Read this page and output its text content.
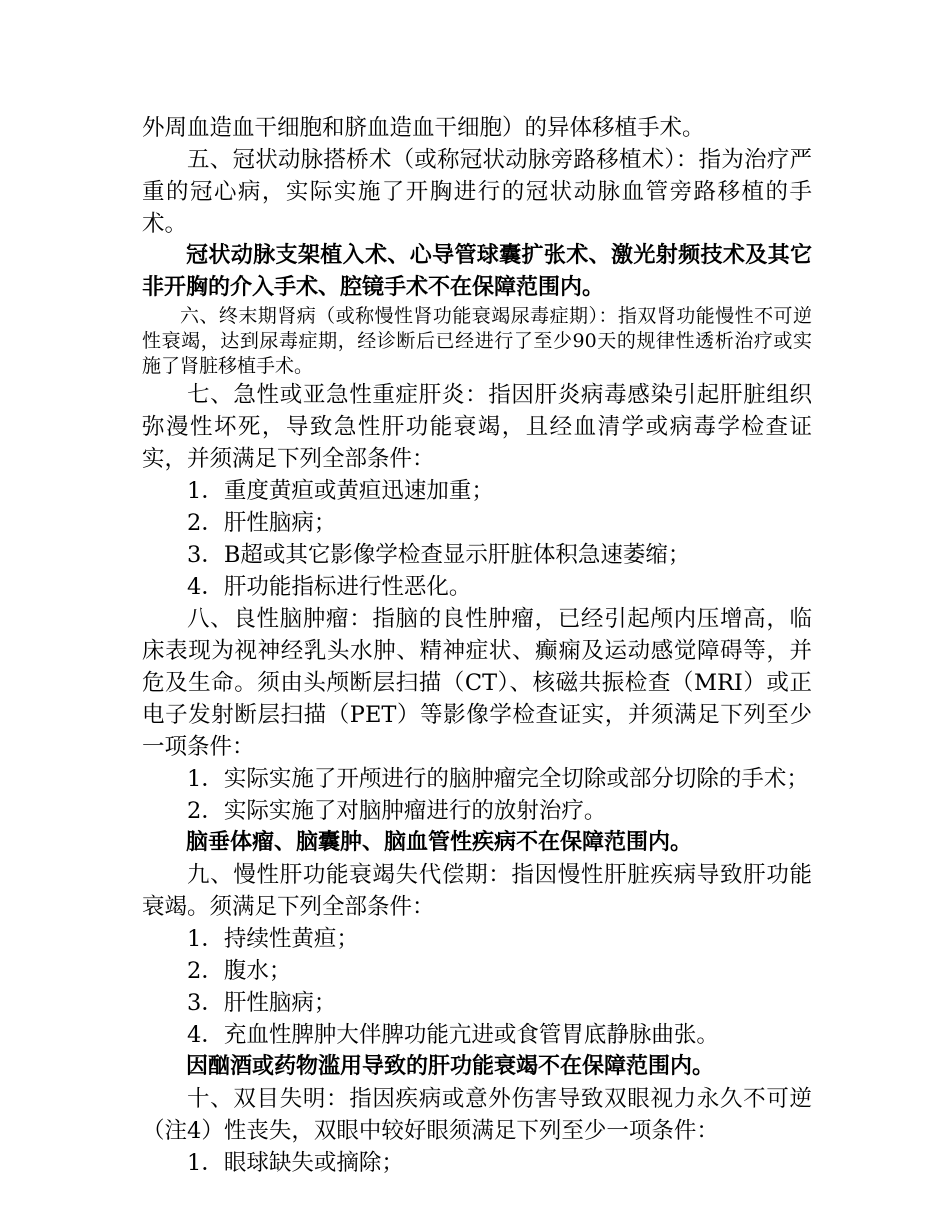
外周血造血干细胞和脐血造血干细胞）的异体移植手术。

五、冠状动脉搭桥术（或称冠状动脉旁路移植术）：指为治疗严重的冠心病，实际实施了开胸进行的冠状动脉血管旁路移植的手术。

冠状动脉支架植入术、心导管球囊扩张术、激光射频技术及其它非开胸的介入手术、腔镜手术不在保障范围内。

六、终末期肾病（或称慢性肾功能衰竭尿毒症期）：指双肾功能慢性不可逆性衰竭，达到尿毒症期，经诊断后已经进行了至少90天的规律性透析治疗或实施了肾脏移植手术。

七、急性或亚急性重症肝炎：指因肝炎病毒感染引起肝脏组织弥漫性坏死，导致急性肝功能衰竭，且经血清学或病毒学检查证实，并须满足下列全部条件：

1．重度黄疸或黄疸迅速加重；

2．肝性脑病；

3．B超或其它影像学检查显示肝脏体积急速萎缩；

4．肝功能指标进行性恶化。

八、良性脑肿瘤：指脑的良性肿瘤，已经引起颅内压增高，临床表现为视神经乳头水肿、精神症状、癫痫及运动感觉障碍等，并危及生命。须由头颅断层扫描（CT）、核磁共振检查（MRI）或正电子发射断层扫描（PET）等影像学检查证实，并须满足下列至少一项条件：

1．实际实施了开颅进行的脑肿瘤完全切除或部分切除的手术；

2．实际实施了对脑肿瘤进行的放射治疗。

脑垂体瘤、脑囊肿、脑血管性疾病不在保障范围内。

九、慢性肝功能衰竭失代偿期：指因慢性肝脏疾病导致肝功能衰竭。须满足下列全部条件：

1．持续性黄疸；

2．腹水；

3．肝性脑病；

4．充血性脾肿大伴脾功能亢进或食管胃底静脉曲张。

因酗酒或药物滥用导致的肝功能衰竭不在保障范围内。

十、双目失明：指因疾病或意外伤害导致双眼视力永久不可逆（注4）性丧失，双眼中较好眼须满足下列至少一项条件：

1．眼球缺失或摘除；
